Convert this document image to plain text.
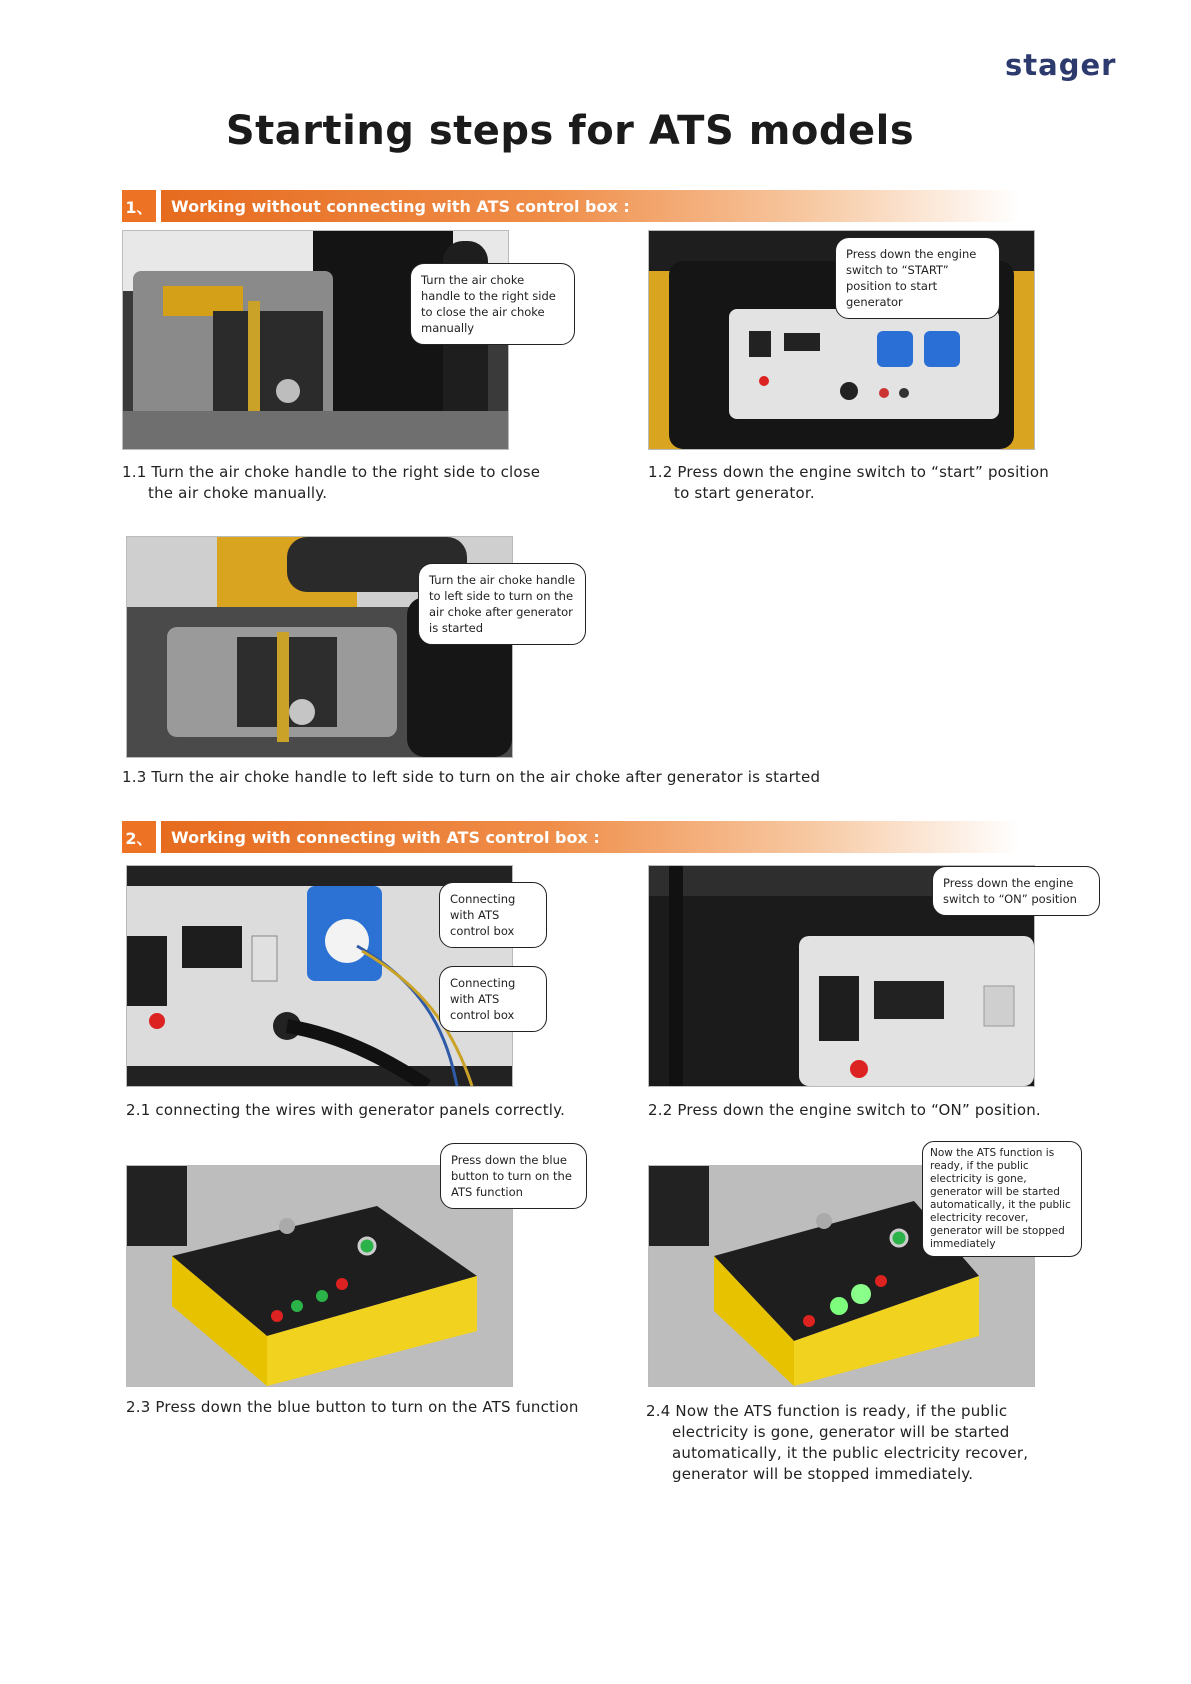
stager
Starting steps for ATS models
1、	Working without connecting with ATS control box :
Turn the air choke handle to the right side to close the air choke manually
Press down the engine switch to “START” position to start generator
1.1 Turn the air choke handle to the right side to close
the air choke manually.
1.2 Press down the engine switch to “start” position
to start generator.
Turn the air choke handle to left side to turn on the air choke after generator is started
1.3 Turn the air choke handle to left side to turn on the air choke after generator is started
2、	Working with connecting with ATS control box :
Connecting with ATS control box
Connecting with ATS control box
Press down the engine switch to “ON” position
2.1 connecting the wires with generator panels correctly.	2.2 Press down the engine switch to “ON” position.
Press down the blue button to turn on the ATS function
Now the ATS function is ready, if the public electricity is gone, generator will be started automatically, it the public electricity recover, generator will be stopped immediately
2.3 Press down the blue button to turn on the ATS function	2.4 Now the ATS function is ready, if the public
electricity is gone, generator will be started
automatically, it the public electricity recover,
generator will be stopped immediately.
